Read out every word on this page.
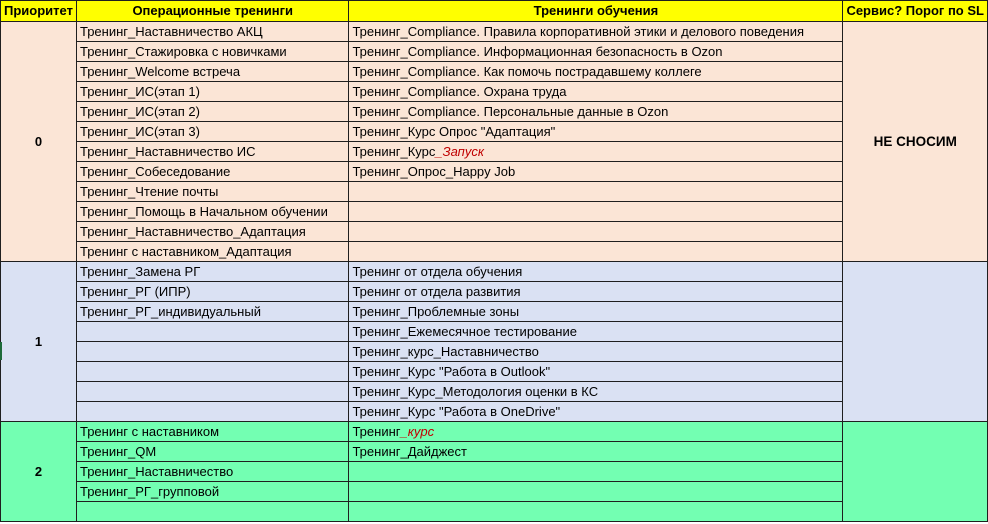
Приоритет	Операционные тренинги	Тренинги обучения	Сервис? Порог по SL
0	Тренинг_Наставничество АКЦ	Тренинг_Compliance. Правила корпоративной этики и делового поведения	НЕ СНОСИМ
	Тренинг_Стажировка с новичками	Тренинг_Compliance. Информационная безопасность в Ozon	
	Тренинг_Welcome встреча	Тренинг_Compliance. Как помочь пострадавшему коллеге	
	Тренинг_ИС(этап 1)	Тренинг_Compliance. Охрана труда	
	Тренинг_ИС(этап 2)	Тренинг_Compliance. Персональные данные в Ozon	
	Тренинг_ИС(этап 3)	Тренинг_Курс Опрос "Адаптация"	
	Тренинг_Наставничество ИС	Тренинг_Курс_Запуск	
	Тренинг_Собеседование	Тренинг_Опрос_Happy Job	
	Тренинг_Чтение почты		
	Тренинг_Помощь в Начальном обучении		
	Тренинг_Наставничество_Адаптация		
	Тренинг с наставником_Адаптация		
1	Тренинг_Замена РГ	Тренинг от отдела обучения	
	Тренинг_РГ (ИПР)	Тренинг от отдела развития	
	Тренинг_РГ_индивидуальный	Тренинг_Проблемные зоны	
		Тренинг_Ежемесячное тестирование	
		Тренинг_курс_Наставничество	
		Тренинг_Курс "Работа в Outlook"	
		Тренинг_Курс_Методология оценки в КС	
		Тренинг_Курс "Работа в OneDrive"	
2	Тренинг с наставником	Тренинг_курс	
	Тренинг_QM	Тренинг_Дайджест	
	Тренинг_Наставничество		
	Тренинг_РГ_групповой		
